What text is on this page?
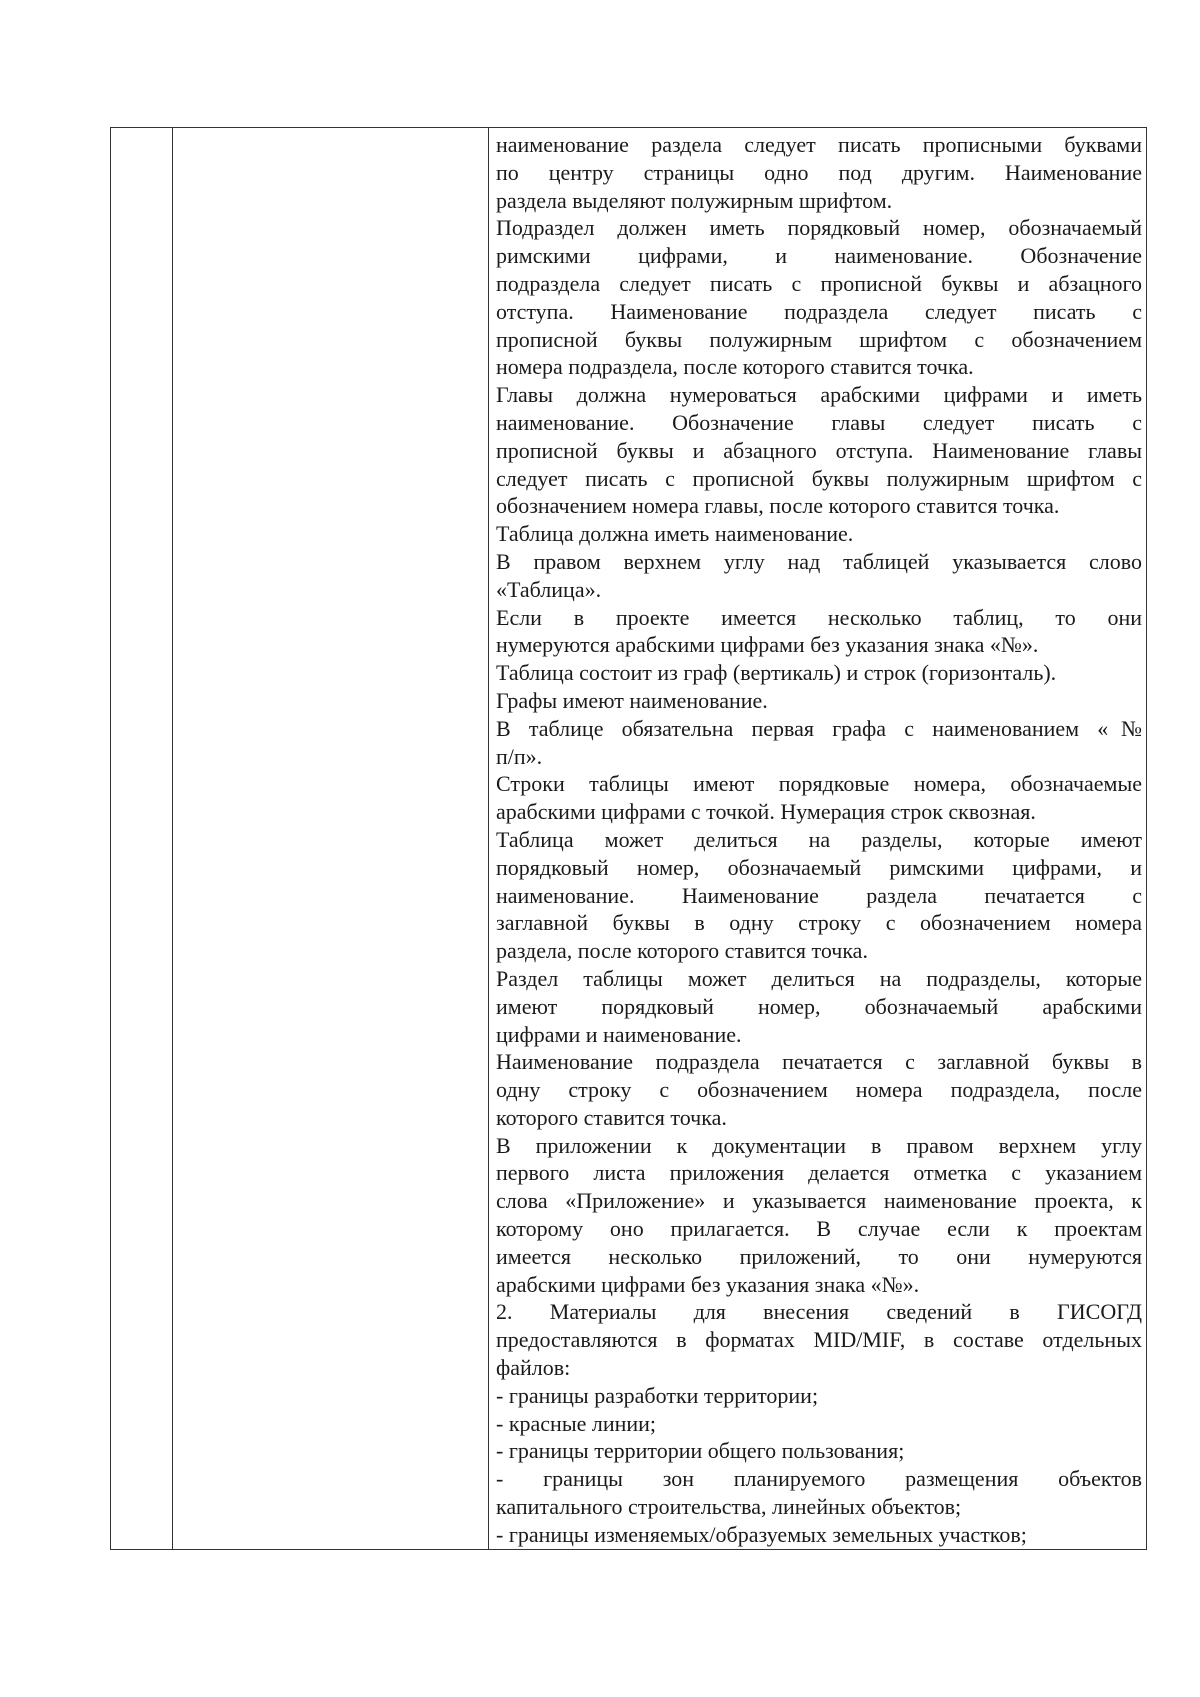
наименование раздела следует писать прописными буквами
по центру страницы одно под другим. Наименование
раздела выделяют полужирным шрифтом.
Подраздел должен иметь порядковый номер, обозначаемый
римскими цифрами, и наименование. Обозначение
подраздела следует писать с прописной буквы и абзацного
отступа. Наименование подраздела следует писать с
прописной буквы полужирным шрифтом с обозначением
номера подраздела, после которого ставится точка.
Главы должна нумероваться арабскими цифрами и иметь
наименование. Обозначение главы следует писать с
прописной буквы и абзацного отступа. Наименование главы
следует писать с прописной буквы полужирным шрифтом с
обозначением номера главы, после которого ставится точка.
Таблица должна иметь наименование.
В правом верхнем углу над таблицей указывается слово
«Таблица».
Если в проекте имеется несколько таблиц, то они
нумеруются арабскими цифрами без указания знака «№».
Таблица состоит из граф (вертикаль) и строк (горизонталь).
Графы имеют наименование.
В таблице обязательна первая графа с наименованием «№
п/п».
Строки таблицы имеют порядковые номера, обозначаемые
арабскими цифрами с точкой. Нумерация строк сквозная.
Таблица может делиться на разделы, которые имеют
порядковый номер, обозначаемый римскими цифрами, и
наименование. Наименование раздела печатается с
заглавной буквы в одну строку с обозначением номера
раздела, после которого ставится точка.
Раздел таблицы может делиться на подразделы, которые
имеют порядковый номер, обозначаемый арабскими
цифрами и наименование.
Наименование подраздела печатается с заглавной буквы в
одну строку с обозначением номера подраздела, после
которого ставится точка.
В приложении к документации в правом верхнем углу
первого листа приложения делается отметка с указанием
слова «Приложение» и указывается наименование проекта, к
которому оно прилагается. В случае если к проектам
имеется несколько приложений, то они нумеруются
арабскими цифрами без указания знака «№».
2. Материалы для внесения сведений в ГИСОГД
предоставляются в форматах MID/MIF, в составе отдельных
файлов:
- границы разработки территории;
- красные линии;
- границы территории общего пользования;
- границы зон планируемого размещения объектов
капитального строительства, линейных объектов;
- границы изменяемых/образуемых земельных участков;
